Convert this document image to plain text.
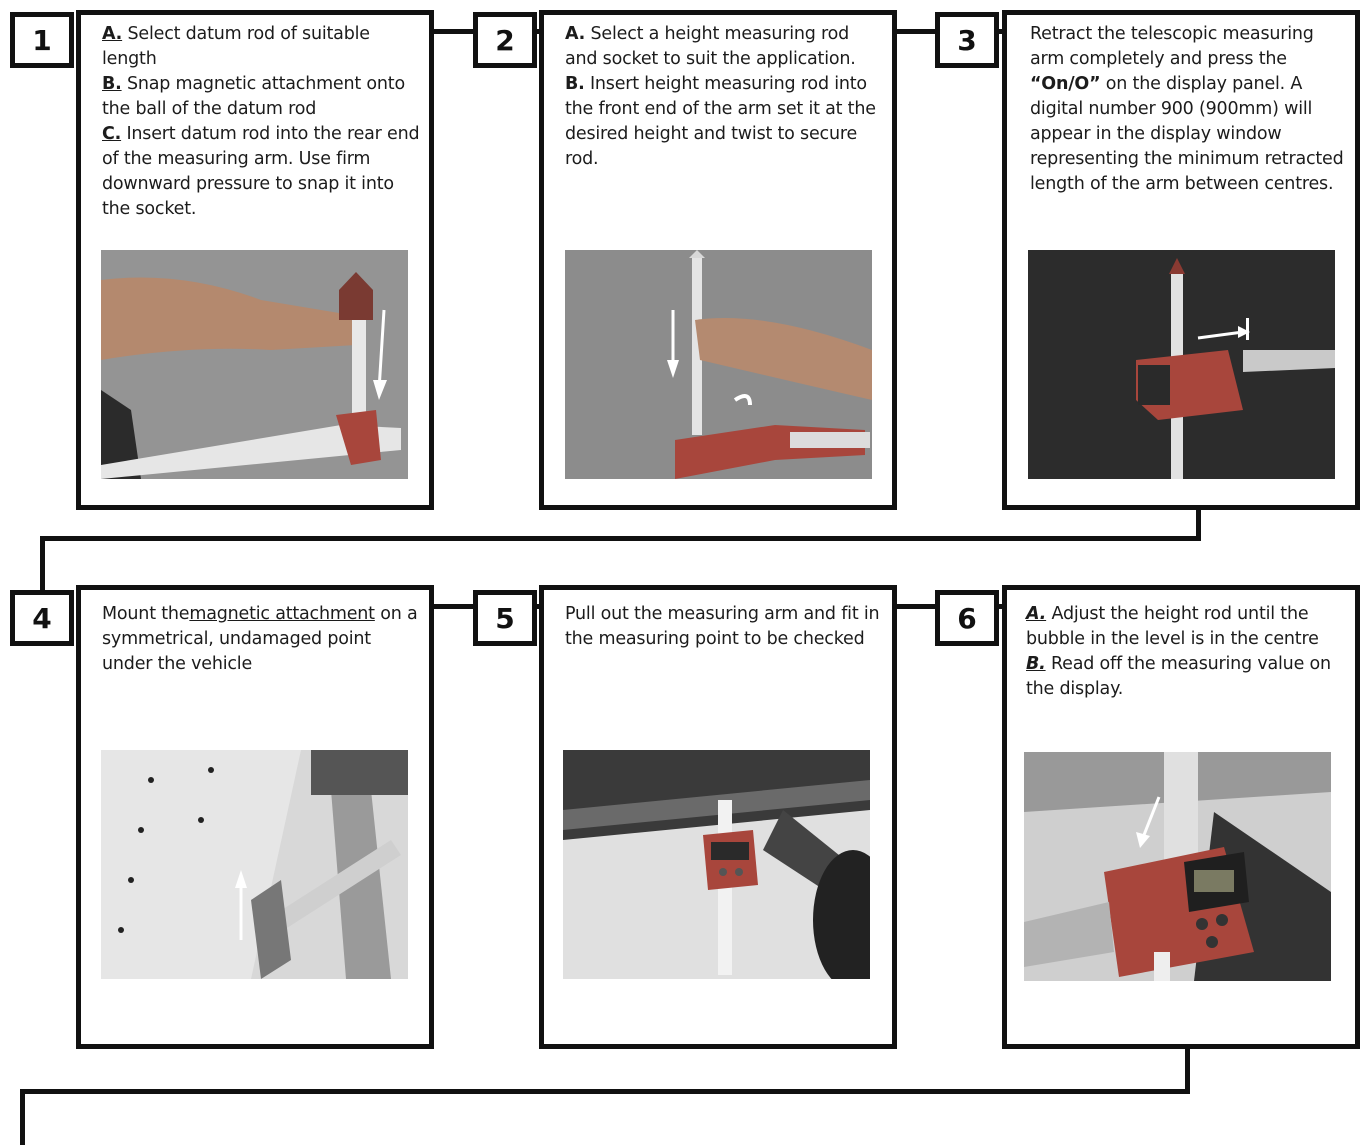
1	A. Select datum rod of suitable length

B. Snap magnetic attachment onto the ball of the datum rod

C. Insert datum rod into the rear end of the measuring arm. Use firm downward pressure to snap it into the socket.

2	A. Select a height measuring rod and socket to suit the application.

B. Insert height measuring rod into the front end of the arm set it at the desired height and twist to secure rod.

3	Retract the telescopic measuring arm completely and press the “On/O” on the display panel. A digital number 900 (900mm) will appear in the display window representing the minimum retracted length of the arm between centres.

4	Mount themagnetic attachment on a symmetrical, undamaged point under the vehicle

5	Pull out the measuring arm and fit in the measuring point to be checked

6	A. Adjust the height rod until the bubble in the level is in the centre

B. Read off the measuring value on the display.
